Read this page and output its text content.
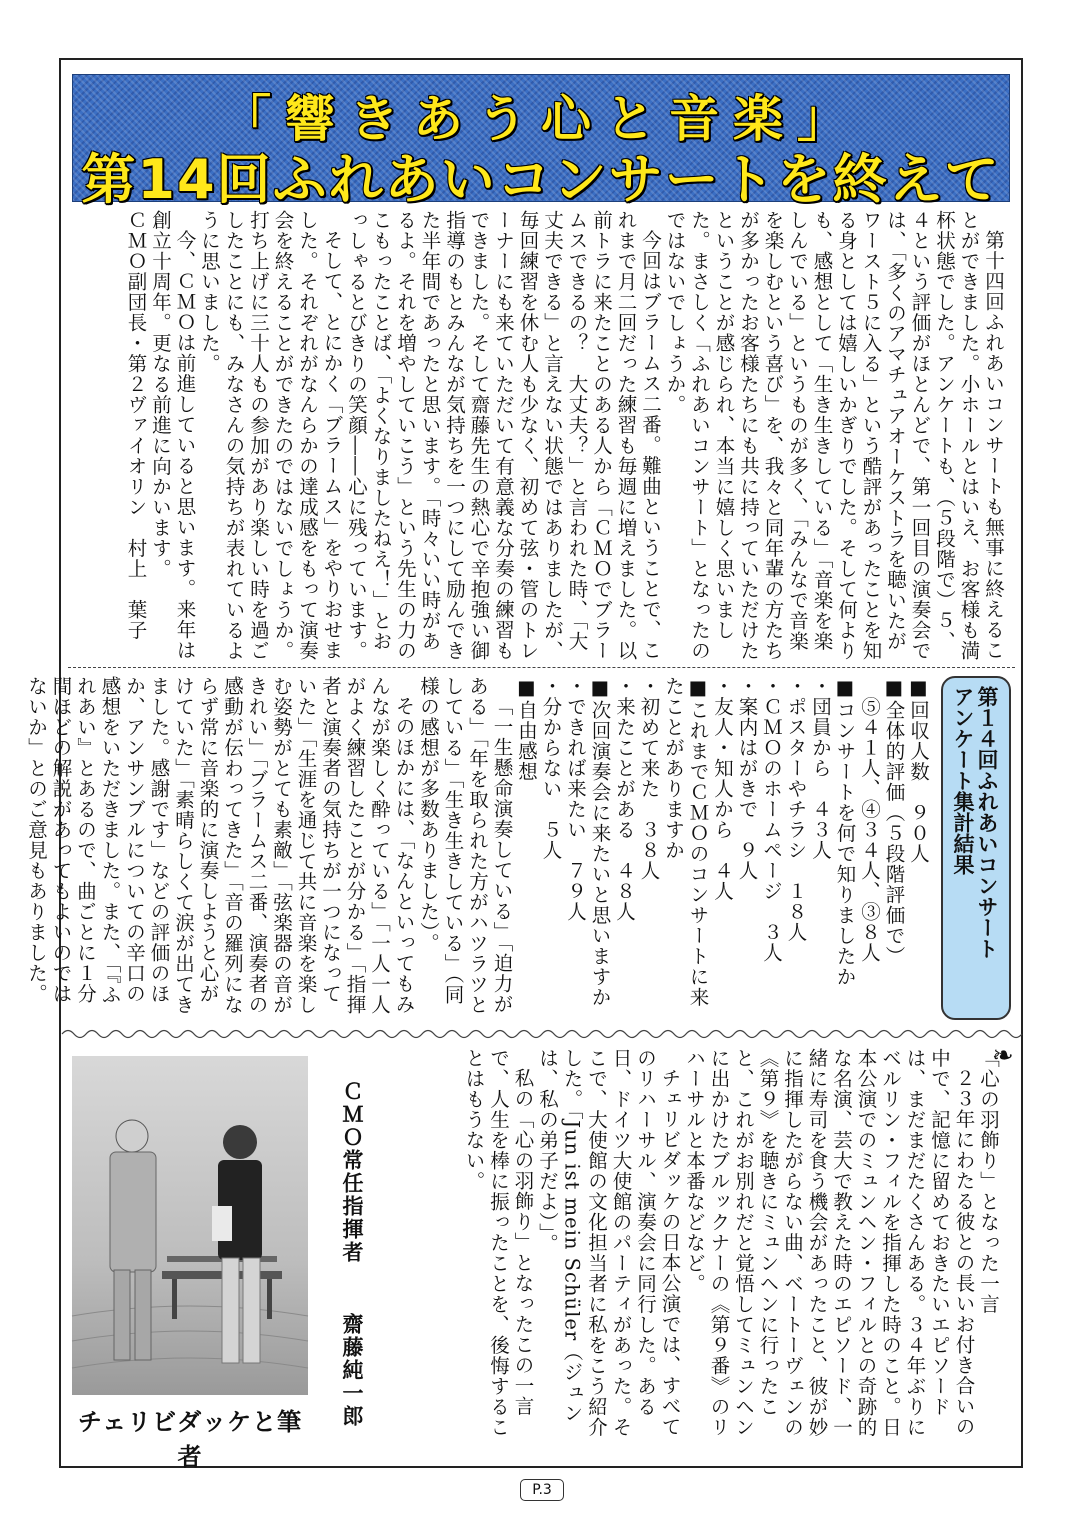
「響きあう心と音楽」
第14回ふれあいコンサートを終えて

第十四回ふれあいコンサートも無事に終えることができました。小ホールとはいえ、お客様も満杯状態でした。アンケートも、（５段階で）５、４という評価がほとんどで、第一回目の演奏会では、「多くのアマチュアオーケストラを聴いたがワースト５に入る」という酷評があったことを知る身としては嬉しいかぎりでした。そして何よりも、感想として「生き生きしている」「音楽を楽しんでいる」というものが多く、「みんなで音楽を楽しむという喜び」を、我々と同年輩の方たちが多かったお客様たちにも共に持っていただけたということが感じられ、本当に嬉しく思いました。まさしく「ふれあいコンサート」となったのではないでしょうか。

今回はブラームス二番。難曲ということで、これまで月二回だった練習も毎週に増えました。以前トラに来たことのある人から「ＣＭＯでブラームスできるの？　大丈夫？」と言われた時、「大丈夫できる」と言えない状態ではありましたが、毎回練習を休む人も少なく、初めて弦・管のトレーナーにも来ていただいて有意義な分奏の練習もできました。そして齋藤先生の熱心で辛抱強い御指導のもとみんなが気持ちを一つにして励んできた半年間であったと思います。「時々いい時があるよ。それを増やしていこう」という先生の力のこもったことば、「よくなりましたねえ！」とおっしゃるとびきりの笑顔――心に残っています。

そして、とにかく「ブラームス」をやりおせました。それぞれがなんらかの達成感をもって演奏会を終えることができたのではないでしょうか。打ち上げに三十人もの参加があり楽しい時を過ごしたことにも、みなさんの気持ちが表れているように思いました。

今、ＣＭＯは前進していると思います。来年は創立十周年。更なる前進に向かいます。

ＣＭＯ副団長・第２ヴァイオリン　村上　葉子

第１４回ふれあいコンサート
アンケート集計結果

■回収人数　９０人

■全体的評価（５段階評価で）

　⑤４１人、④３４人、③８人

■コンサートを何で知りましたか

・団員から　４３人

・ポスターやチラシ　１８人

・ＣＭＯのホームページ　３人

・案内はがきで　９人

・友人・知人から　４人

■これまでＣＭＯのコンサートに来たことがありますか

・初めて来た　３８人

・来たことがある　４８人

■次回演奏会に来たいと思いますか

・できれば来たい　７９人

・分からない　５人

■自由感想

「一生懸命演奏している」「迫力がある」「年を取られた方がハツラツとしている」「生き生きしている」（同様の感想が多数ありました）。

そのほかには、「なんといってもみんなが楽しく酔っている」「一人一人がよく練習したことが分かる」「指揮者と演奏者の気持ちが一つになっていた」「生涯を通じて共に音楽を楽しむ姿勢がとても素敵」「弦楽器の音がきれい」「ブラームス二番、演奏者の感動が伝わってきた」「音の羅列にならず常に音楽的に演奏しようと心がけていた」「素晴らしくて涙が出てきました。感謝です」などの評価のほか、アンサンブルについての辛口の感想をいただきました。また、「『ふれあい』とあるので、曲ごとに１分間ほどの解説があってもよいのではないか」とのご意見もありました。

❧

「心の羽飾り」となった一言

２３年にわたる彼との長いお付き合いの中で、記憶に留めておきたいエピソードは、まだまだたくさんある。３４年ぶりにベルリン・フィルを指揮した時のこと。日本公演でのミュンヘン・フィルとの奇跡的な名演、芸大で教えた時のエピソード、一緒に寿司を食う機会があったこと、彼が妙に指揮したがらない曲、ベートーヴェンの《第９》を聴きにミュンヘンに行ったこと、これがお別れだと覚悟してミュンヘンに出かけたブルックナーの《第９番》のリハーサルと本番などなど。

チェリビダッケの日本公演では、すべてのリハーサル、演奏会に同行した。ある日、ドイツ大使館のパーティがあった。そこで、大使館の文化担当者に私をこう紹介した。「Jun ist mein Schüler（ジュンは、私の弟子だよ）」。

私の「心の羽飾り」となったこの一言で、人生を棒に振ったことを、後悔することはもうない。

ＣＭＯ常任指揮者 齋藤純一郎
チェリビダッケと筆者
P.3
